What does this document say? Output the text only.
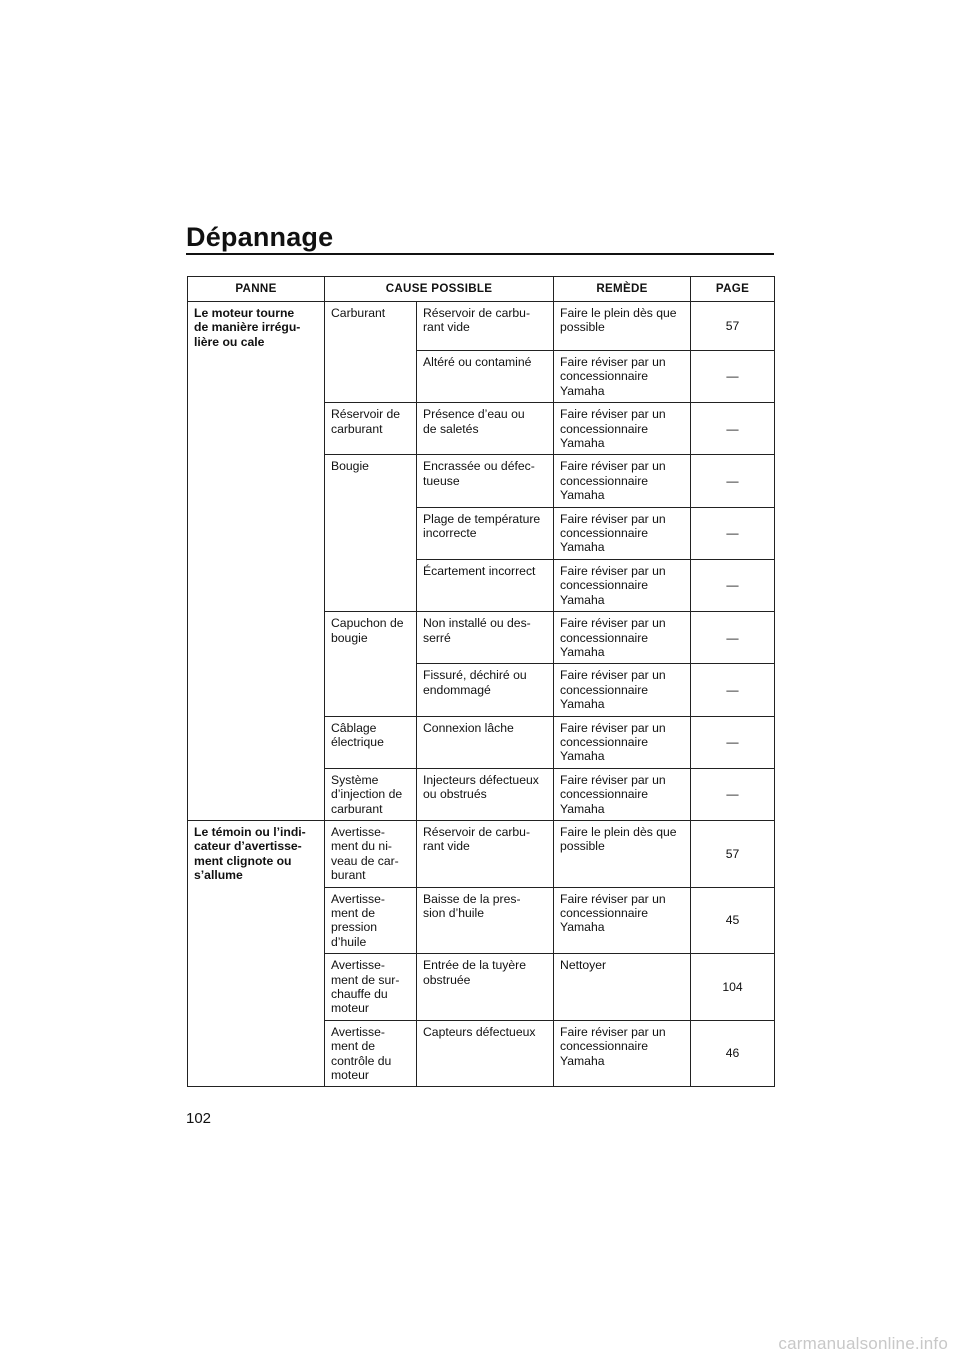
Dépannage
PANNE	CAUSE POSSIBLE		REMÈDE	PAGE

Le moteur tourne
de manière irrégu-
lière ou cale	Carburant	Réservoir de carbu-
rant vide	Faire le plein dès que
possible	57

		Altéré ou contaminé	Faire réviser par un
concessionnaire
Yamaha	—

	Réservoir de
carburant	Présence d’eau ou
de saletés	Faire réviser par un
concessionnaire
Yamaha	—

	Bougie	Encrassée ou défec-
tueuse	Faire réviser par un
concessionnaire
Yamaha	—

		Plage de température
incorrecte	Faire réviser par un
concessionnaire
Yamaha	—

		Écartement incorrect	Faire réviser par un
concessionnaire
Yamaha	—

	Capuchon de
bougie	Non installé ou des-
serré	Faire réviser par un
concessionnaire
Yamaha	—

		Fissuré, déchiré ou
endommagé	Faire réviser par un
concessionnaire
Yamaha	—

	Câblage
électrique	Connexion lâche	Faire réviser par un
concessionnaire
Yamaha	—

	Système
d’injection de
carburant	Injecteurs défectueux
ou obstrués	Faire réviser par un
concessionnaire
Yamaha	—

Le témoin ou l’indi-
cateur d’avertisse-
ment clignote ou
s’allume	Avertisse-
ment du ni-
veau de car-
burant	Réservoir de carbu-
rant vide	Faire le plein dès que
possible	57

	Avertisse-
ment de
pression
d’huile	Baisse de la pres-
sion d’huile	Faire réviser par un
concessionnaire
Yamaha	45

	Avertisse-
ment de sur-
chauffe du
moteur	Entrée de la tuyère
obstruée	Nettoyer	104

	Avertisse-
ment de
contrôle du
moteur	Capteurs défectueux	Faire réviser par un
concessionnaire
Yamaha	46

102

carmanualsonline.info
